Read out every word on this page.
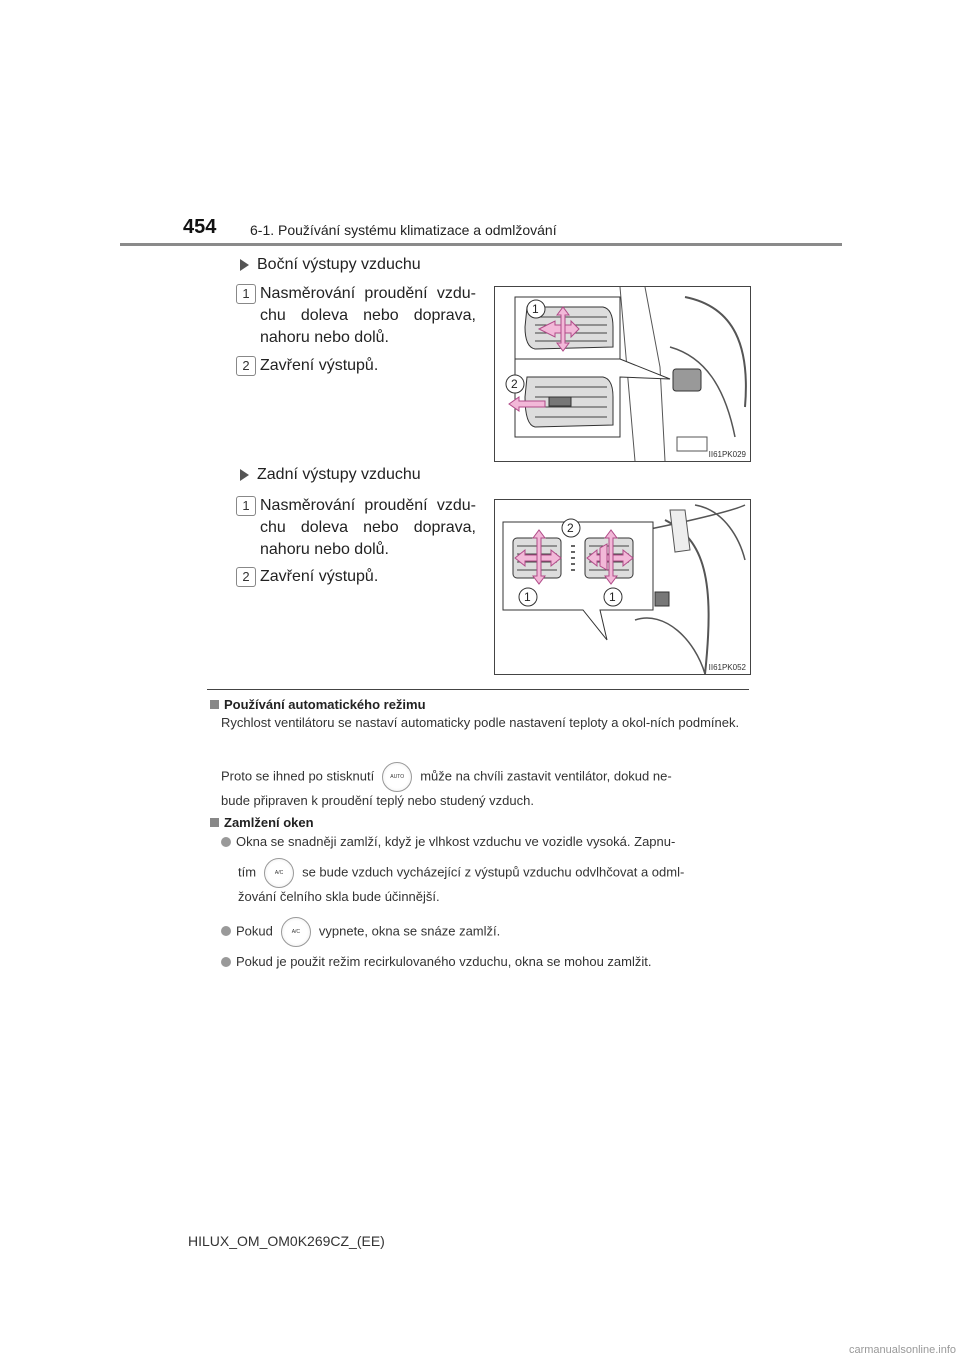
454 6-1. Používání systému klimatizace a odmlžování
Boční výstupy vzduchu
1 Nasměrování proudění vzdu-chu doleva nebo doprava, nahoru nebo dolů.
2 Zavření výstupů.
1
2
II61PK029
Zadní výstupy vzduchu
1 Nasměrování proudění vzdu-chu doleva nebo doprava, nahoru nebo dolů.
2 Zavření výstupů.
2
1	1
II61PK052
Používání automatického režimu
Rychlost ventilátoru se nastaví automaticky podle nastavení teploty a okol-ních podmínek.
Proto se ihned po stisknutí	AUTO může na chvíli zastavit ventilátor, dokud ne-
bude připraven k proudění teplý nebo studený vzduch.
Zamlžení oken
Okna se snadněji zamlží, když je vlhkost vzduchu ve vozidle vysoká. Zapnu-
tím	A/C se bude vzduch vycházející z výstupů vzduchu odvlhčovat a odml-
žování čelního skla bude účinnější.
Pokud	A/C vypnete, okna se snáze zamlží.
Pokud je použit režim recirkulovaného vzduchu, okna se mohou zamlžit.
HILUX_OM_OM0K269CZ_(EE)
carmanualsonline.info
